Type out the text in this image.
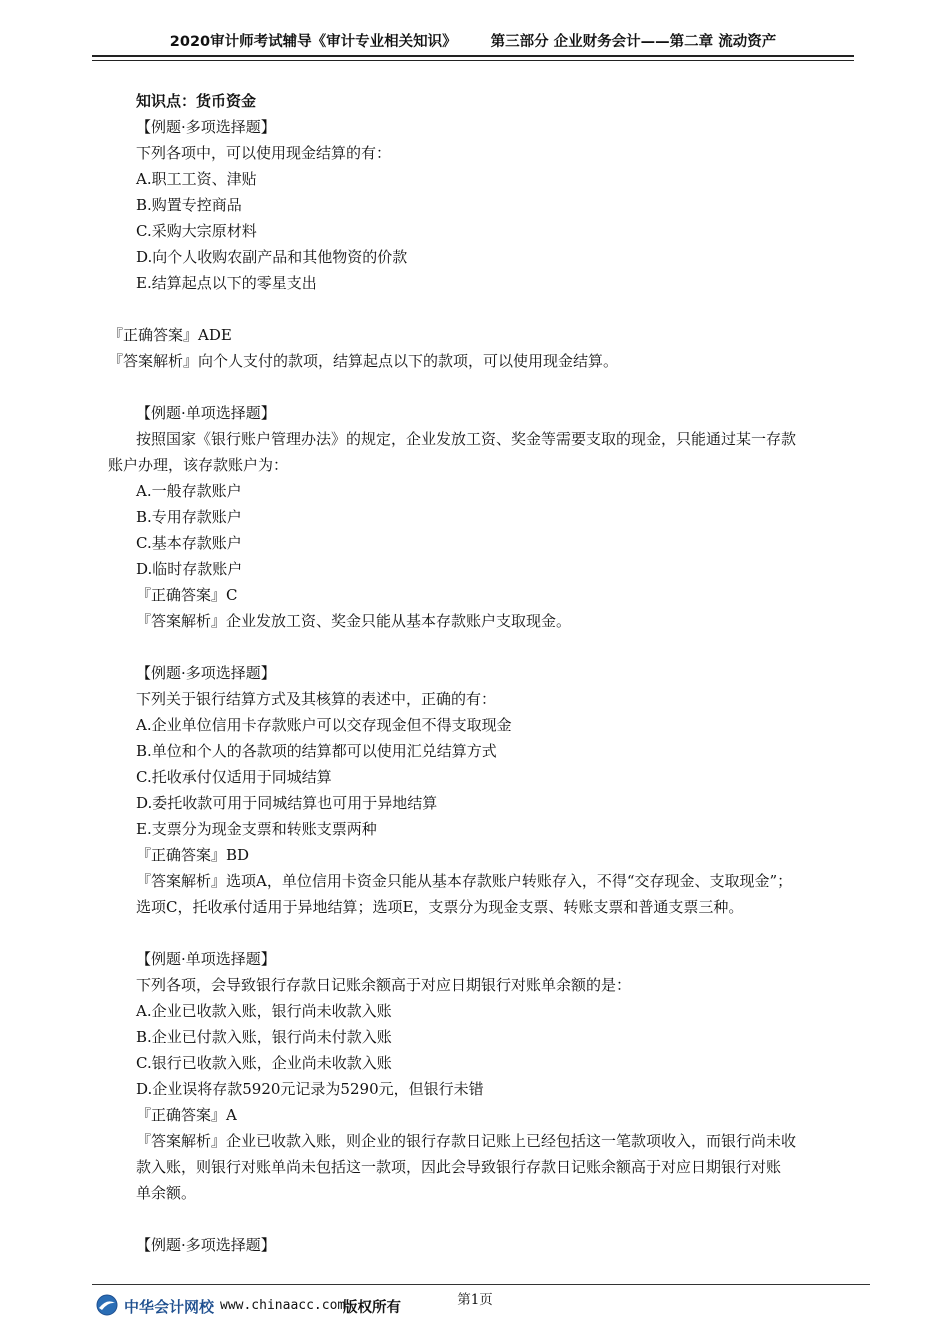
2020审计师考试辅导《审计专业相关知识》 第三部分 企业财务会计——第二章 流动资产
知识点：货币资金
【例题·多项选择题】
下列各项中，可以使用现金结算的有：
A.职工工资、津贴
B.购置专控商品
C.采购大宗原材料
D.向个人收购农副产品和其他物资的价款
E.结算起点以下的零星支出
『正确答案』ADE
『答案解析』向个人支付的款项，结算起点以下的款项，可以使用现金结算。
【例题·单项选择题】
按照国家《银行账户管理办法》的规定，企业发放工资、奖金等需要支取的现金，只能通过某一存款
账户办理，该存款账户为：
A.一般存款账户
B.专用存款账户
C.基本存款账户
D.临时存款账户
『正确答案』C
『答案解析』企业发放工资、奖金只能从基本存款账户支取现金。
【例题·多项选择题】
下列关于银行结算方式及其核算的表述中，正确的有：
A.企业单位信用卡存款账户可以交存现金但不得支取现金
B.单位和个人的各款项的结算都可以使用汇兑结算方式
C.托收承付仅适用于同城结算
D.委托收款可用于同城结算也可用于异地结算
E.支票分为现金支票和转账支票两种
『正确答案』BD
『答案解析』选项A，单位信用卡资金只能从基本存款账户转账存入，不得“交存现金、支取现金”；
选项C，托收承付适用于异地结算；选项E，支票分为现金支票、转账支票和普通支票三种。
【例题·单项选择题】
下列各项，会导致银行存款日记账余额高于对应日期银行对账单余额的是：
A.企业已收款入账，银行尚未收款入账
B.企业已付款入账，银行尚未付款入账
C.银行已收款入账，企业尚未收款入账
D.企业误将存款5920元记录为5290元，但银行未错
『正确答案』A
『答案解析』企业已收款入账，则企业的银行存款日记账上已经包括这一笔款项收入，而银行尚未收
款入账，则银行对账单尚未包括这一款项，因此会导致银行存款日记账余额高于对应日期银行对账
单余额。
【例题·多项选择题】
第1页
中华会计网校 www.chinaacc.com
版权所有
